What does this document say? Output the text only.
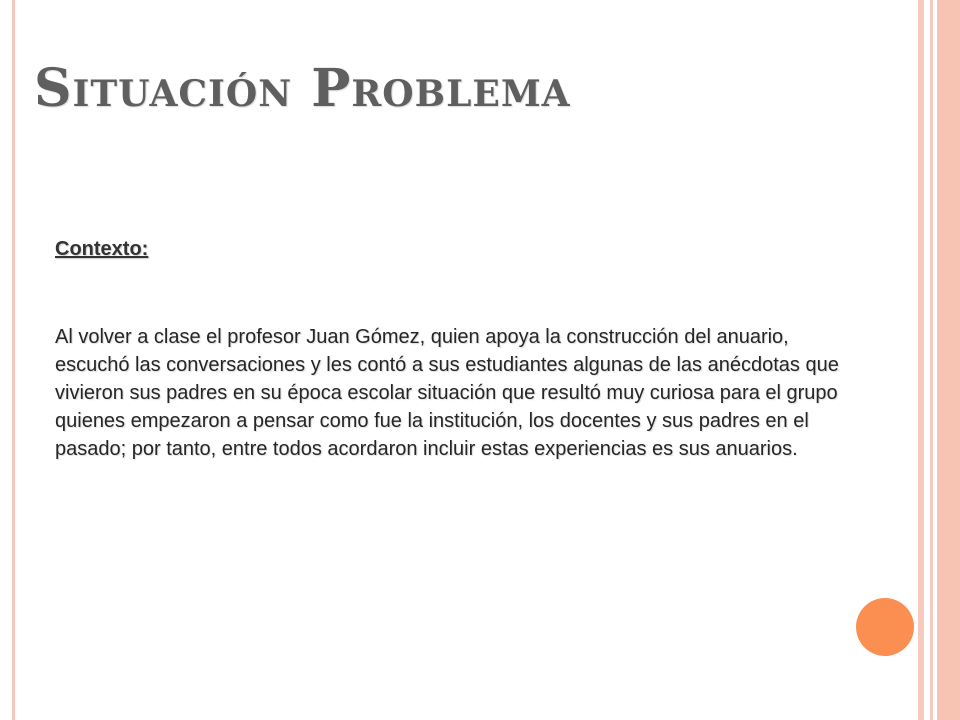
Situación Problema
Contexto:
Al volver a clase el profesor Juan Gómez, quien apoya la construcción del anuario, escuchó las conversaciones y les contó a sus estudiantes algunas de las anécdotas que vivieron sus padres en su época escolar situación que resultó muy curiosa para el grupo quienes empezaron a pensar como fue la institución, los docentes y sus padres en el pasado; por tanto, entre todos acordaron incluir estas experiencias es sus anuarios.
